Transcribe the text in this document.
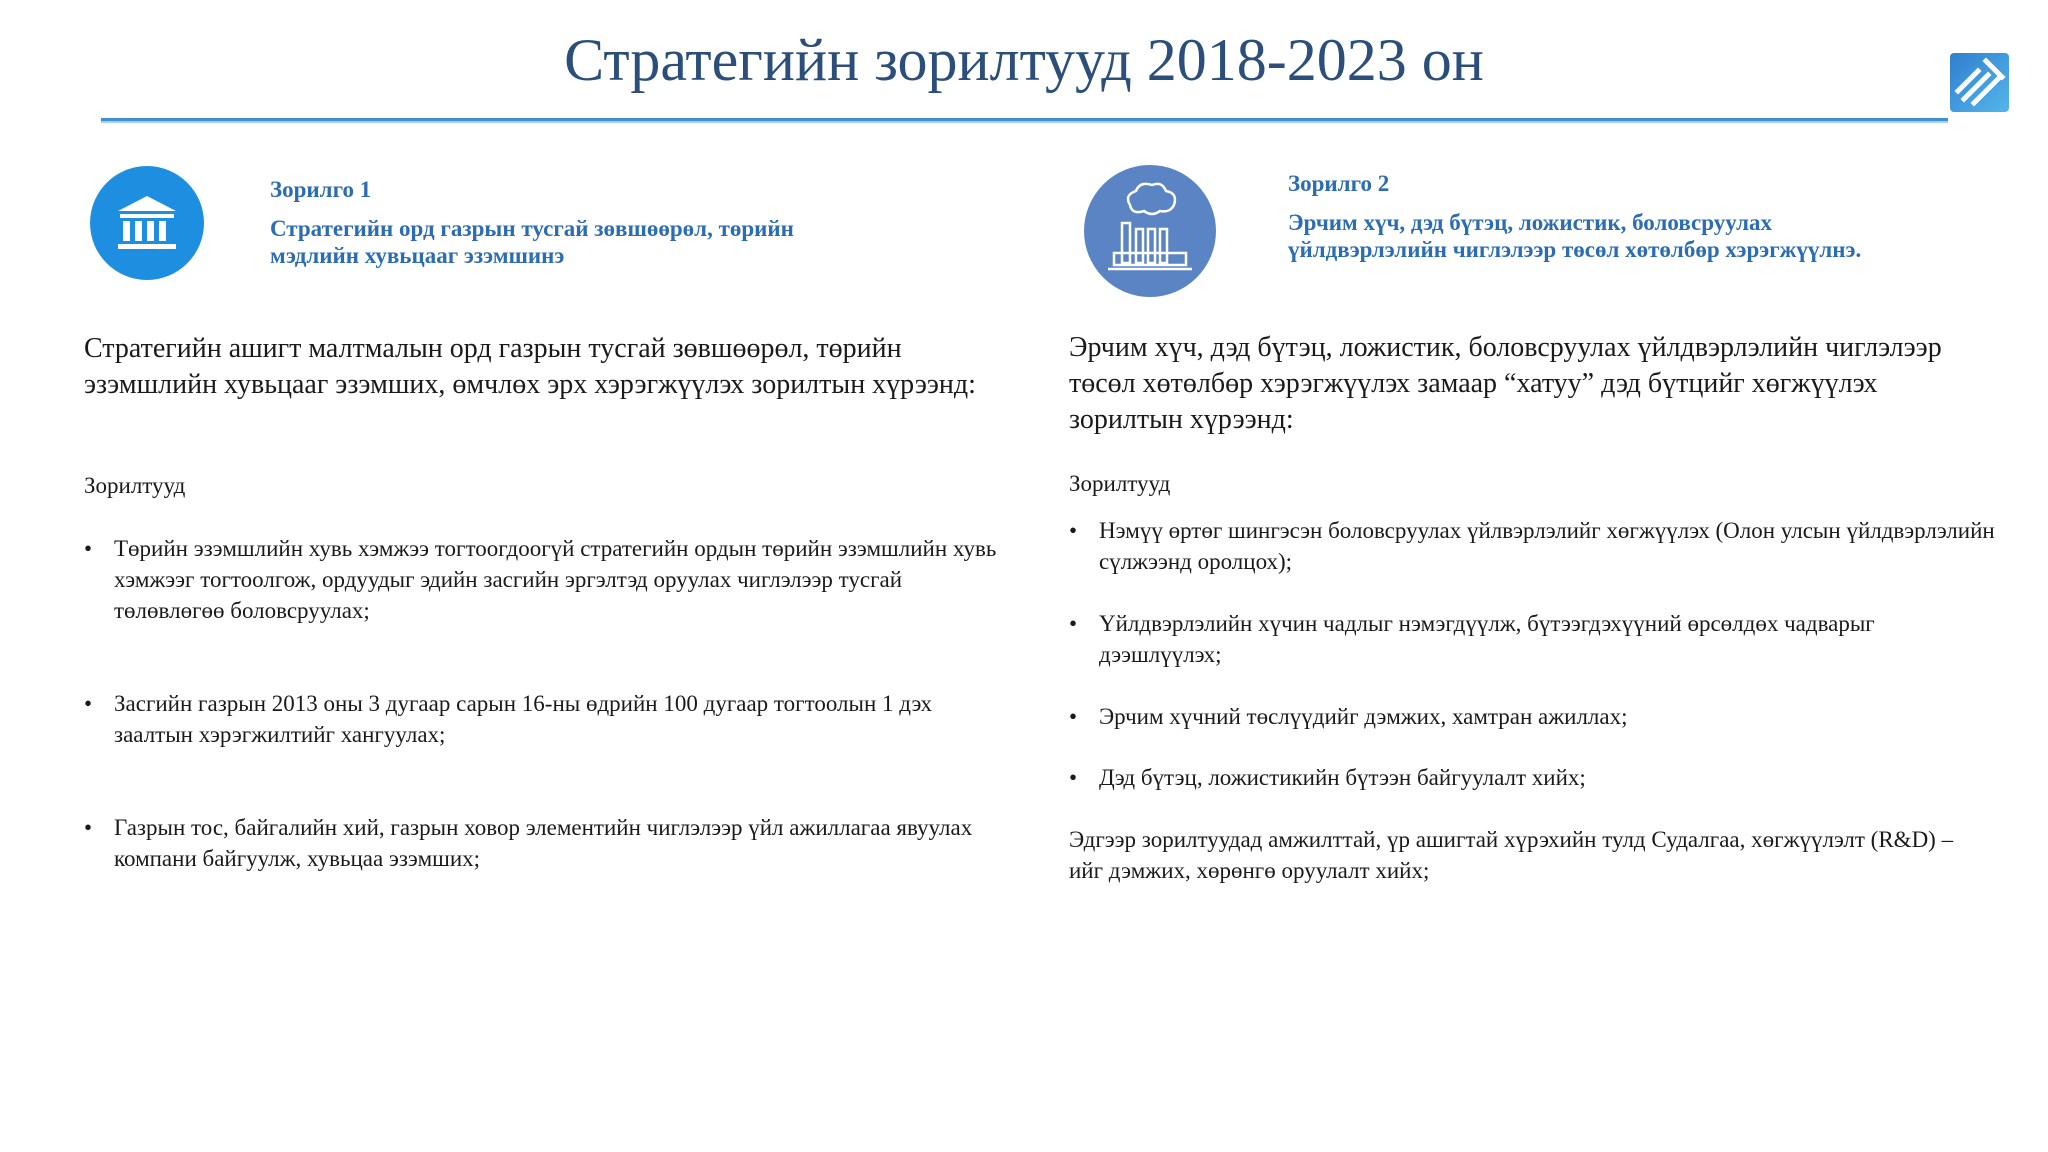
Стратегийн зорилтууд 2018-2023 он

Зорилго 1

Стратегийн орд газрын тусгай зөвшөөрөл, төрийн мэдлийн хувьцааг эзэмшинэ

Зорилго 2

Эрчим хүч, дэд бүтэц, ложистик, боловсруулах үйлдвэрлэлийн чиглэлээр төсөл хөтөлбөр хэрэгжүүлнэ.

Стратегийн ашигт малтмалын орд газрын тусгай зөвшөөрөл, төрийн эзэмшлийн хувьцааг эзэмших, өмчлөх эрх хэрэгжүүлэх зорилтын хүрээнд:

Зорилтууд

• Төрийн эзэмшлийн хувь хэмжээ тогтоогдоогүй стратегийн ордын төрийн эзэмшлийн хувь хэмжээг тогтоолгож, ордуудыг эдийн засгийн эргэлтэд оруулах чиглэлээр тусгай төлөвлөгөө боловсруулах;
• Засгийн газрын 2013 оны 3 дугаар сарын 16-ны өдрийн 100 дугаар тогтоолын 1 дэх заалтын хэрэгжилтийг хангуулах;
• Газрын тос, байгалийн хий, газрын ховор элементийн чиглэлээр үйл ажиллагаа явуулах компани байгуулж, хувьцаа эзэмших;

Эрчим хүч, дэд бүтэц, ложистик, боловсруулах үйлдвэрлэлийн чиглэлээр төсөл хөтөлбөр хэрэгжүүлэх замаар “хатуу” дэд бүтцийг хөгжүүлэх зорилтын хүрээнд:

Зорилтууд

• Нэмүү өртөг шингэсэн боловсруулах үйлвэрлэлийг хөгжүүлэх (Олон улсын үйлдвэрлэлийн сүлжээнд оролцох);
• Үйлдвэрлэлийн хүчин чадлыг нэмэгдүүлж, бүтээгдэхүүний өрсөлдөх чадварыг дээшлүүлэх;
• Эрчим хүчний төслүүдийг дэмжих, хамтран ажиллах;
• Дэд бүтэц, ложистикийн бүтээн байгуулалт хийх;

Эдгээр зорилтуудад амжилттай, үр ашигтай хүрэхийн тулд Судалгаа, хөгжүүлэлт (R&D) –ийг дэмжих, хөрөнгө оруулалт хийх;
